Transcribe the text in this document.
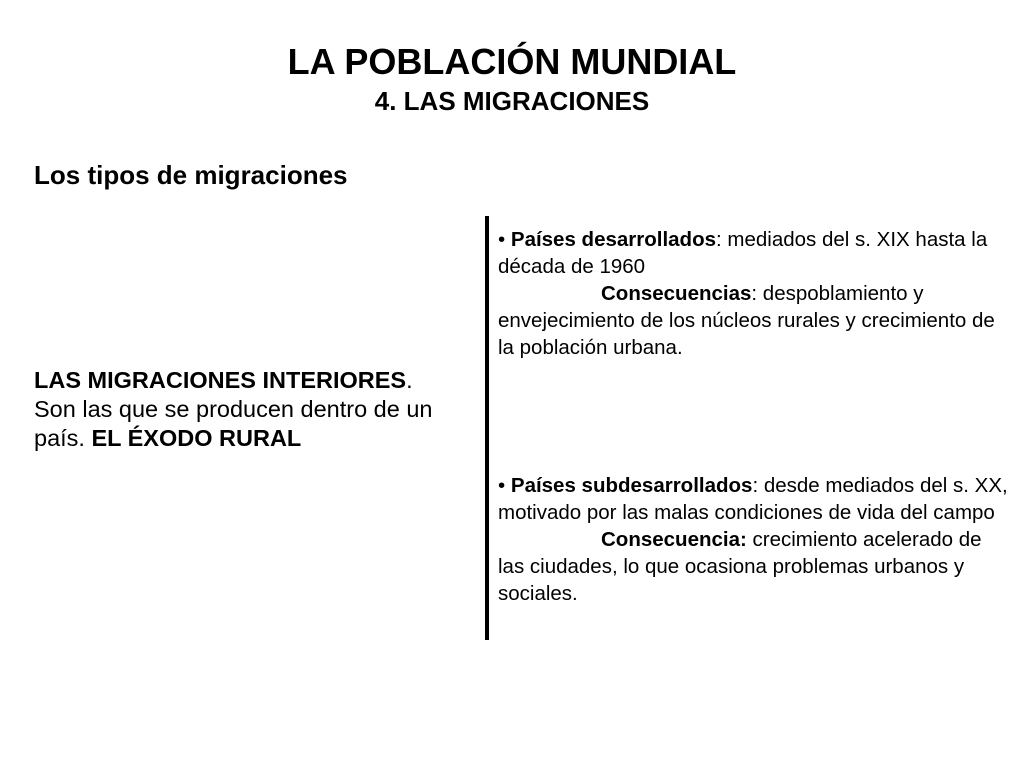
LA POBLACIÓN MUNDIAL
4. LAS MIGRACIONES
Los tipos de migraciones
LAS MIGRACIONES INTERIORES.
Son las que se producen dentro de un país. EL ÉXODO RURAL
• Países desarrollados: mediados del s. XIX hasta la década de 1960
Consecuencias: despoblamiento y envejecimiento de los núcleos rurales y crecimiento de la población urbana.
• Países subdesarrollados: desde mediados del s. XX, motivado por las malas condiciones de vida del campo
Consecuencia: crecimiento acelerado de las ciudades, lo que ocasiona problemas urbanos y sociales.
